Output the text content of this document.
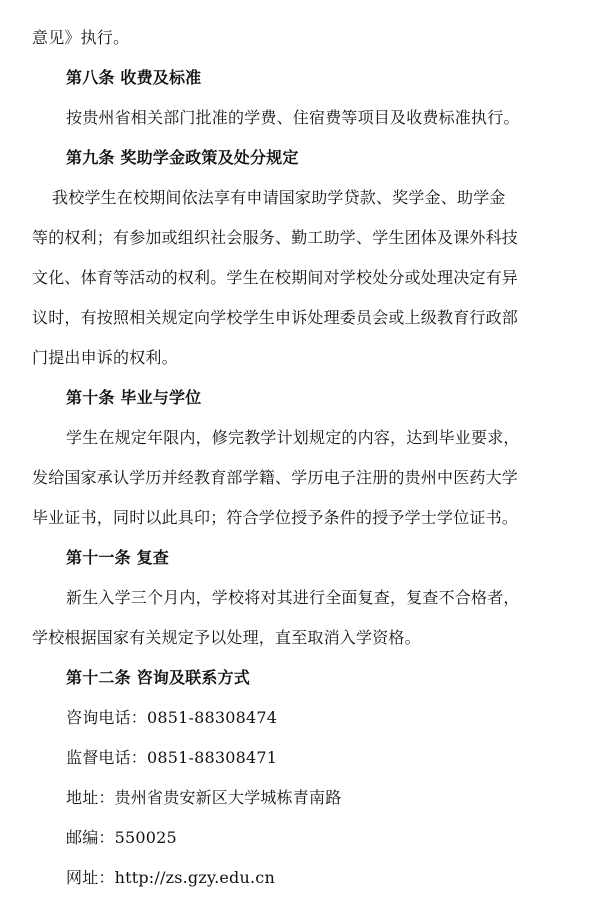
意见》执行。
第八条 收费及标准
按贵州省相关部门批准的学费、住宿费等项目及收费标准执行。
第九条 奖助学金政策及处分规定
我校学生在校期间依法享有申请国家助学贷款、奖学金、助学金
等的权利；有参加或组织社会服务、勤工助学、学生团体及课外科技
文化、体育等活动的权利。学生在校期间对学校处分或处理决定有异
议时，有按照相关规定向学校学生申诉处理委员会或上级教育行政部
门提出申诉的权利。
第十条 毕业与学位
学生在规定年限内，修完教学计划规定的内容，达到毕业要求，
发给国家承认学历并经教育部学籍、学历电子注册的贵州中医药大学
毕业证书，同时以此具印；符合学位授予条件的授予学士学位证书。
第十一条 复查
新生入学三个月内，学校将对其进行全面复查，复查不合格者，
学校根据国家有关规定予以处理，直至取消入学资格。
第十二条 咨询及联系方式
咨询电话：0851-88308474
监督电话：0851-88308471
地址：贵州省贵安新区大学城栋青南路
邮编：550025
网址：http://zs.gzy.edu.cn
